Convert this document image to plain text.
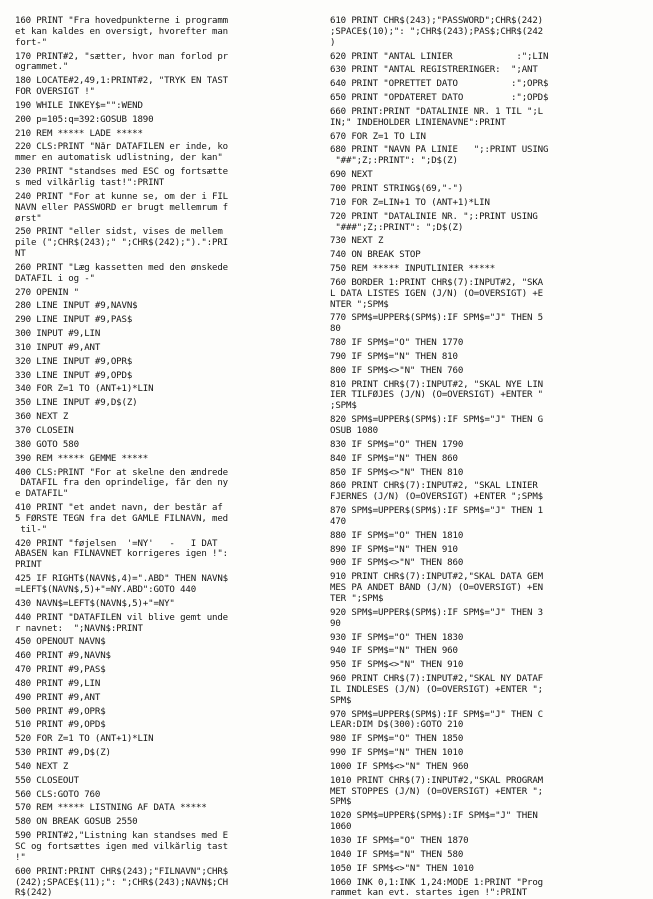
160 PRINT "Fra hovedpunkterne i programm
et kan kaldes en oversigt, hvorefter man
fort-"
170 PRINT#2, "sætter, hvor man forlod pr
ogrammet."
180 LOCATE#2,49,1:PRINT#2, "TRYK EN TAST
FOR OVERSIGT !"
190 WHILE INKEY$="":WEND
200 p=105:q=392:GOSUB 1890
210 REM ***** LADE *****
220 CLS:PRINT "Når DATAFILEN er inde, ko
mmer en automatisk udlistning, der kan"
230 PRINT "standses med ESC og fortsætte
s med vilkårlig tast!":PRINT
240 PRINT "For at kunne se, om der i FIL
NAVN eller PASSWORD er brugt mellemrum f
ørst"
250 PRINT "eller sidst, vises de mellem
pile (";CHR$(243);" ";CHR$(242);").":PRI
NT
260 PRINT "Læg kassetten med den ønskede
DATAFIL i og -"
270 OPENIN "
280 LINE INPUT #9,NAVN$
290 LINE INPUT #9,PAS$
300 INPUT #9,LIN
310 INPUT #9,ANT
320 LINE INPUT #9,OPR$
330 LINE INPUT #9,OPD$
340 FOR Z=1 TO (ANT+1)*LIN
350 LINE INPUT #9,D$(Z)
360 NEXT Z
370 CLOSEIN
380 GOTO 580
390 REM ***** GEMME *****
400 CLS:PRINT "For at skelne den ændrede
DATAFIL fra den oprindelige, får den ny
e DATAFIL"
410 PRINT "et andet navn, der består af
5 FØRSTE TEGN fra det GAMLE FILNAVN, med
til-"
420 PRINT "føjelsen  '=NY'   -   I DAT
ABASEN kan FILNAVNET korrigeres igen !":
PRINT
425 IF RIGHT$(NAVN$,4)=".ABD" THEN NAVN$
=LEFT$(NAVN$,5)+"=NY.ABD":GOTO 440
430 NAVN$=LEFT$(NAVN$,5)+"=NY"
440 PRINT "DATAFILEN vil blive gemt unde
r navnet:  ";NAVN$:PRINT
450 OPENOUT NAVN$
460 PRINT #9,NAVN$
470 PRINT #9,PAS$
480 PRINT #9,LIN
490 PRINT #9,ANT
500 PRINT #9,OPR$
510 PRINT #9,OPD$
520 FOR Z=1 TO (ANT+1)*LIN
530 PRINT #9,D$(Z)
540 NEXT Z
550 CLOSEOUT
560 CLS:GOTO 760
570 REM ***** LISTNING AF DATA *****
580 ON BREAK GOSUB 2550
590 PRINT#2,"Listning kan standses med E
SC og fortsættes igen med vilkårlig tast
!"
600 PRINT:PRINT CHR$(243);"FILNAVN";CHR$
(242);SPACE$(11);": ";CHR$(243);NAVN$;CH
R$(242)
610 PRINT CHR$(243);"PASSWORD";CHR$(242)
;SPACE$(10);": ";CHR$(243);PAS$;CHR$(242
)
620 PRINT "ANTAL LINIER            :";LIN
630 PRINT "ANTAL REGISTRERINGER:  ";ANT
640 PRINT "OPRETTET DATO          :";OPR$
650 PRINT "OPDATERET DATO         :";OPD$
660 PRINT:PRINT "DATALINIE NR. 1 TIL ";L
IN;" INDEHOLDER LINIENAVNE":PRINT
670 FOR Z=1 TO LIN
680 PRINT "NAVN PÅ LINIE   ";:PRINT USING
"##";Z;:PRINT": ";D$(Z)
690 NEXT
700 PRINT STRING$(69,"-")
710 FOR Z=LIN+1 TO (ANT+1)*LIN
720 PRINT "DATALINIE NR. ";:PRINT USING
"###";Z;:PRINT": ";D$(Z)
730 NEXT Z
740 ON BREAK STOP
750 REM ***** INPUTLINIER *****
760 BORDER 1:PRINT CHR$(7):INPUT#2, "SKA
L DATA LISTES IGEN (J/N) (O=OVERSIGT) +E
NTER ";SPM$
770 SPM$=UPPER$(SPM$):IF SPM$="J" THEN 5
80
780 IF SPM$="O" THEN 1770
790 IF SPM$="N" THEN 810
800 IF SPM$<>"N" THEN 760
810 PRINT CHR$(7):INPUT#2, "SKAL NYE LIN
IER TILFØJES (J/N) (O=OVERSIGT) +ENTER "
;SPM$
820 SPM$=UPPER$(SPM$):IF SPM$="J" THEN G
OSUB 1080
830 IF SPM$="O" THEN 1790
840 IF SPM$="N" THEN 860
850 IF SPM$<>"N" THEN 810
860 PRINT CHR$(7):INPUT#2, "SKAL LINIER
FJERNES (J/N) (O=OVERSIGT) +ENTER ";SPM$
870 SPM$=UPPER$(SPM$):IF SPM$="J" THEN 1
470
880 IF SPM$="O" THEN 1810
890 IF SPM$="N" THEN 910
900 IF SPM$<>"N" THEN 860
910 PRINT CHR$(7):INPUT#2,"SKAL DATA GEM
MES PÅ ANDET BÅND (J/N) (O=OVERSIGT) +EN
TER ";SPM$
920 SPM$=UPPER$(SPM$):IF SPM$="J" THEN 3
90
930 IF SPM$="O" THEN 1830
940 IF SPM$="N" THEN 960
950 IF SPM$<>"N" THEN 910
960 PRINT CHR$(7):INPUT#2,"SKAL NY DATAF
IL INDLESES (J/N) (O=OVERSIGT) +ENTER ";
SPM$
970 SPM$=UPPER$(SPM$):IF SPM$="J" THEN C
LEAR:DIM D$(300):GOTO 210
980 IF SPM$="O" THEN 1850
990 IF SPM$="N" THEN 1010
1000 IF SPM$<>"N" THEN 960
1010 PRINT CHR$(7):INPUT#2,"SKAL PROGRAM
MET STOPPES (J/N) (O=OVERSIGT) +ENTER ";
SPM$
1020 SPM$=UPPER$(SPM$):IF SPM$="J" THEN
1060
1030 IF SPM$="O" THEN 1870
1040 IF SPM$="N" THEN 580
1050 IF SPM$<>"N" THEN 1010
1060 INK 0,1:INK 1,24:MODE 1:PRINT "Prog
rammet kan evt. startes igen !":PRINT
